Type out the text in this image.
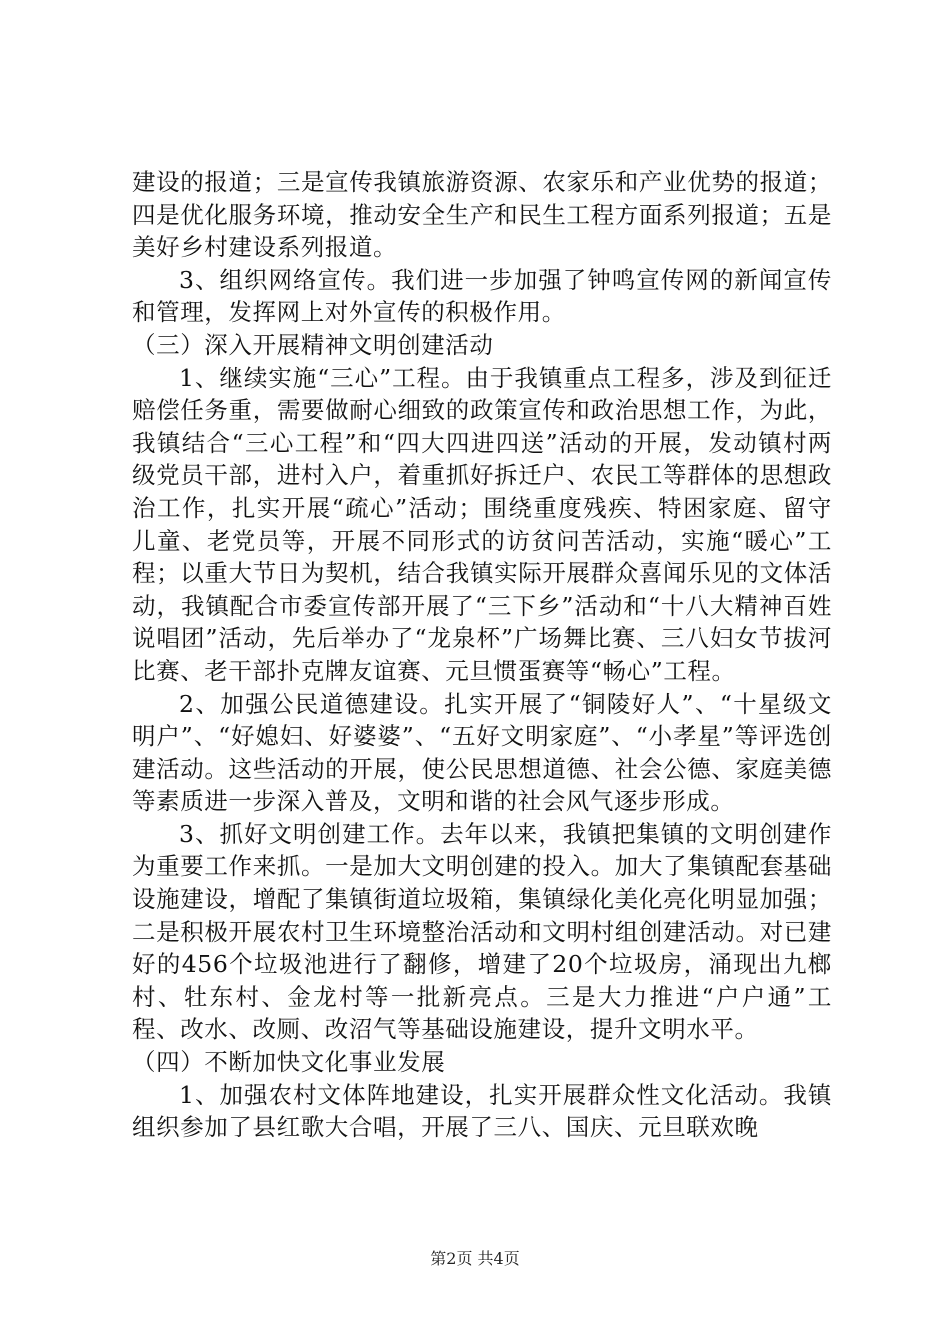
建设的报道；三是宣传我镇旅游资源、农家乐和产业优势的报道；四是优化服务环境，推动安全生产和民生工程方面系列报道；五是美好乡村建设系列报道。

3、组织网络宣传。我们进一步加强了钟鸣宣传网的新闻宣传和管理，发挥网上对外宣传的积极作用。

（三）深入开展精神文明创建活动

1、继续实施“三心”工程。由于我镇重点工程多，涉及到征迁赔偿任务重，需要做耐心细致的政策宣传和政治思想工作，为此，我镇结合“三心工程”和“四大四进四送”活动的开展，发动镇村两级党员干部，进村入户，着重抓好拆迁户、农民工等群体的思想政治工作，扎实开展“疏心”活动；围绕重度残疾、特困家庭、留守儿童、老党员等，开展不同形式的访贫问苦活动，实施“暖心”工程；以重大节日为契机，结合我镇实际开展群众喜闻乐见的文体活动，我镇配合市委宣传部开展了“三下乡”活动和“十八大精神百姓说唱团”活动，先后举办了“龙泉杯”广场舞比赛、三八妇女节拔河比赛、老干部扑克牌友谊赛、元旦惯蛋赛等“畅心”工程。

2、加强公民道德建设。扎实开展了“铜陵好人”、“十星级文明户”、“好媳妇、好婆婆”、“五好文明家庭”、“小孝星”等评选创建活动。这些活动的开展，使公民思想道德、社会公德、家庭美德等素质进一步深入普及，文明和谐的社会风气逐步形成。

3、抓好文明创建工作。去年以来，我镇把集镇的文明创建作为重要工作来抓。一是加大文明创建的投入。加大了集镇配套基础设施建设，增配了集镇街道垃圾箱，集镇绿化美化亮化明显加强；二是积极开展农村卫生环境整治活动和文明村组创建活动。对已建好的456个垃圾池进行了翻修，增建了20个垃圾房，涌现出九榔村、牡东村、金龙村等一批新亮点。三是大力推进“户户通”工程、改水、改厕、改沼气等基础设施建设，提升文明水平。

（四）不断加快文化事业发展

1、加强农村文体阵地建设，扎实开展群众性文化活动。我镇组织参加了县红歌大合唱，开展了三八、国庆、元旦联欢晚

第2页 共4页
